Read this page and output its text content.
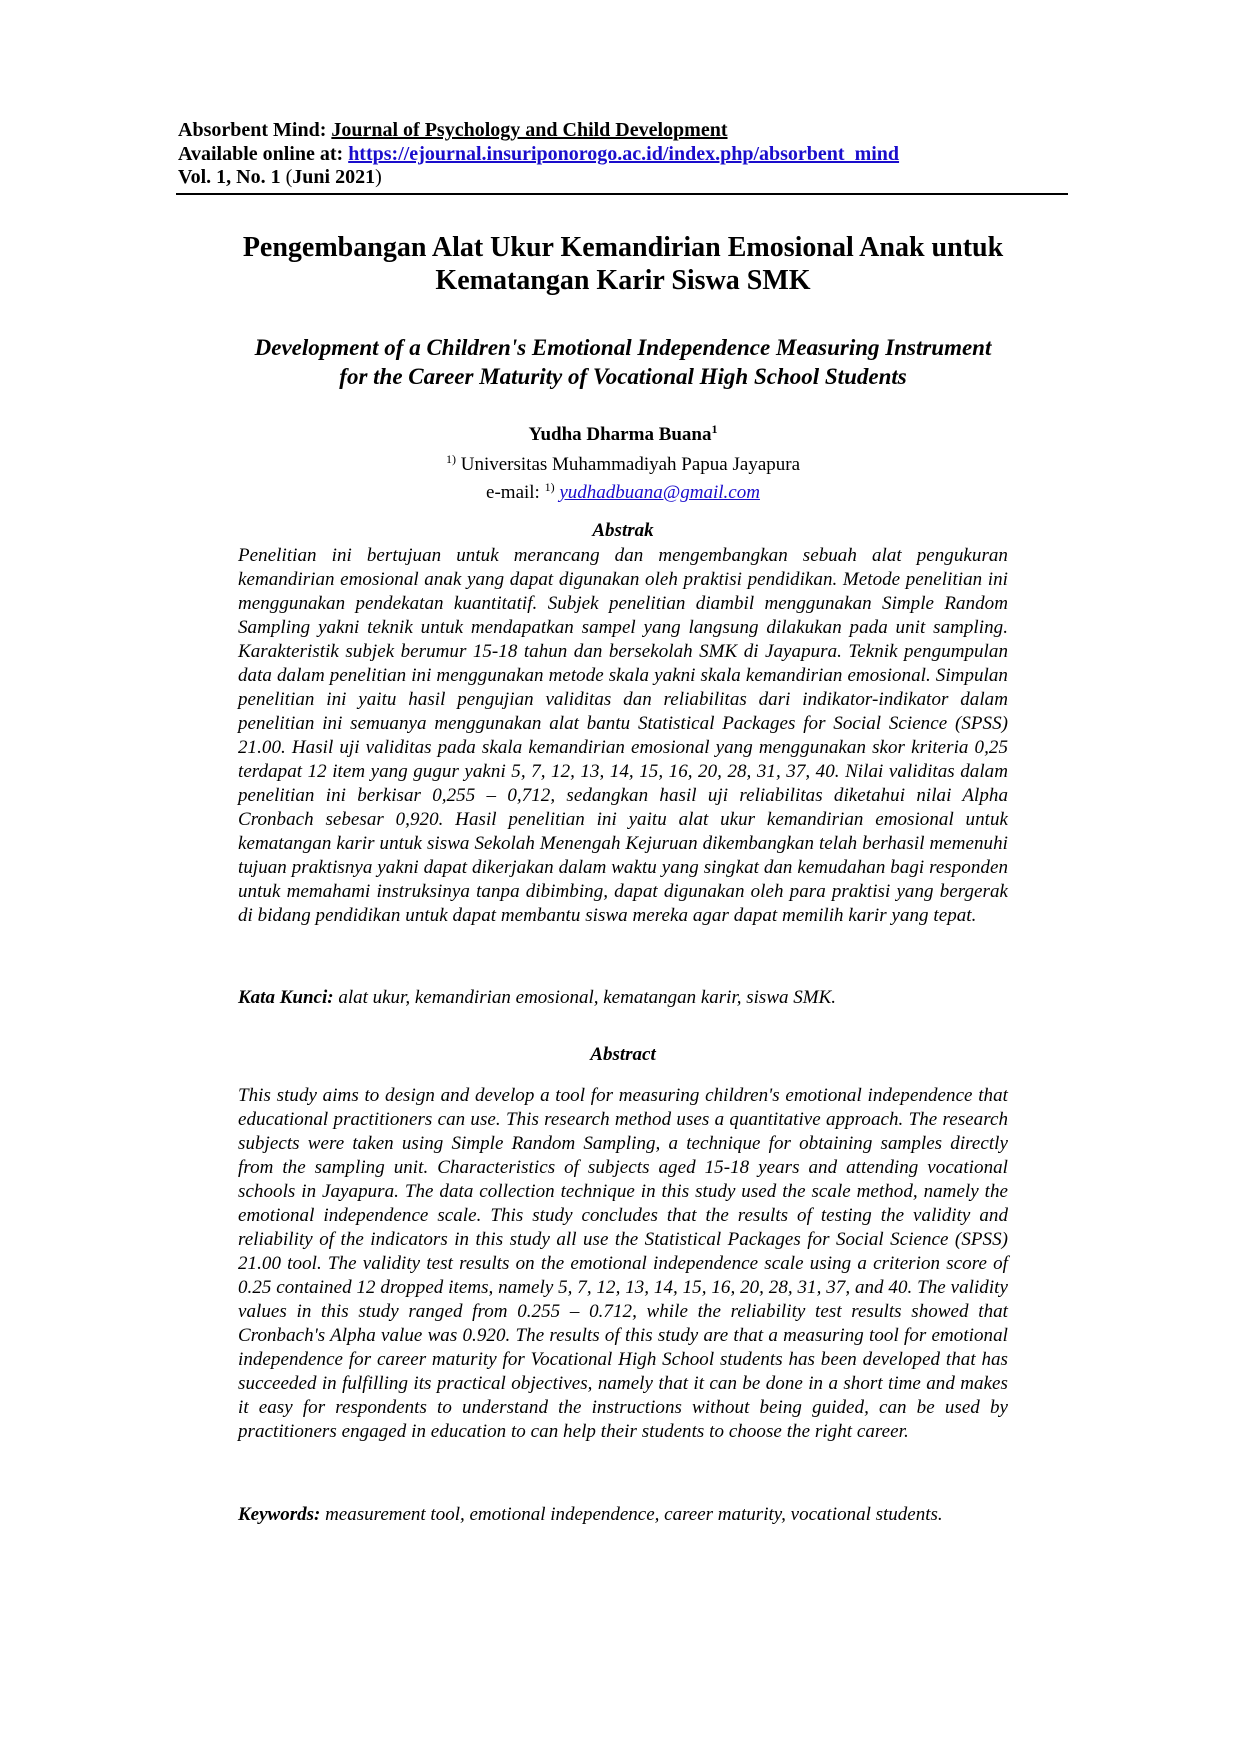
Absorbent Mind: Journal of Psychology and Child Development
Available online at: https://ejournal.insuriponorogo.ac.id/index.php/absorbent_mind
Vol. 1, No. 1 (Juni 2021)
Pengembangan Alat Ukur Kemandirian Emosional Anak untuk
Kematangan Karir Siswa SMK
Development of a Children's Emotional Independence Measuring Instrument
for the Career Maturity of Vocational High School Students
Yudha Dharma Buana$^1$
$^{1)}$ Universitas Muhammadiyah Papua Jayapura
e-mail: $^{1)}$ yudhadbuana@gmail.com
Abstrak
Penelitian ini bertujuan untuk merancang dan mengembangkan sebuah alat pengukuran kemandirian emosional anak yang dapat digunakan oleh praktisi pendidikan. Metode penelitian ini menggunakan pendekatan kuantitatif. Subjek penelitian diambil menggunakan Simple Random Sampling yakni teknik untuk mendapatkan sampel yang langsung dilakukan pada unit sampling. Karakteristik subjek berumur 15-18 tahun dan bersekolah SMK di Jayapura. Teknik pengumpulan data dalam penelitian ini menggunakan metode skala yakni skala kemandirian emosional. Simpulan penelitian ini yaitu hasil pengujian validitas dan reliabilitas dari indikator-indikator dalam penelitian ini semuanya menggunakan alat bantu Statistical Packages for Social Science (SPSS) 21.00. Hasil uji validitas pada skala kemandirian emosional yang menggunakan skor kriteria 0,25 terdapat 12 item yang gugur yakni 5, 7, 12, 13, 14, 15, 16, 20, 28, 31, 37, 40. Nilai validitas dalam penelitian ini berkisar 0,255 – 0,712, sedangkan hasil uji reliabilitas diketahui nilai Alpha Cronbach sebesar 0,920. Hasil penelitian ini yaitu alat ukur kemandirian emosional untuk kematangan karir untuk siswa Sekolah Menengah Kejuruan dikembangkan telah berhasil memenuhi tujuan praktisnya yakni dapat dikerjakan dalam waktu yang singkat dan kemudahan bagi responden untuk memahami instruksinya tanpa dibimbing, dapat digunakan oleh para praktisi yang bergerak di bidang pendidikan untuk dapat membantu siswa mereka agar dapat memilih karir yang tepat.
Kata Kunci: alat ukur, kemandirian emosional, kematangan karir, siswa SMK.
Abstract
This study aims to design and develop a tool for measuring children's emotional independence that educational practitioners can use. This research method uses a quantitative approach. The research subjects were taken using Simple Random Sampling, a technique for obtaining samples directly from the sampling unit. Characteristics of subjects aged 15-18 years and attending vocational schools in Jayapura. The data collection technique in this study used the scale method, namely the emotional independence scale. This study concludes that the results of testing the validity and reliability of the indicators in this study all use the Statistical Packages for Social Science (SPSS) 21.00 tool. The validity test results on the emotional independence scale using a criterion score of 0.25 contained 12 dropped items, namely 5, 7, 12, 13, 14, 15, 16, 20, 28, 31, 37, and 40. The validity values in this study ranged from 0.255 – 0.712, while the reliability test results showed that Cronbach's Alpha value was 0.920. The results of this study are that a measuring tool for emotional independence for career maturity for Vocational High School students has been developed that has succeeded in fulfilling its practical objectives, namely that it can be done in a short time and makes it easy for respondents to understand the instructions without being guided, can be used by practitioners engaged in education to can help their students to choose the right career.
Keywords: measurement tool, emotional independence, career maturity, vocational students.
